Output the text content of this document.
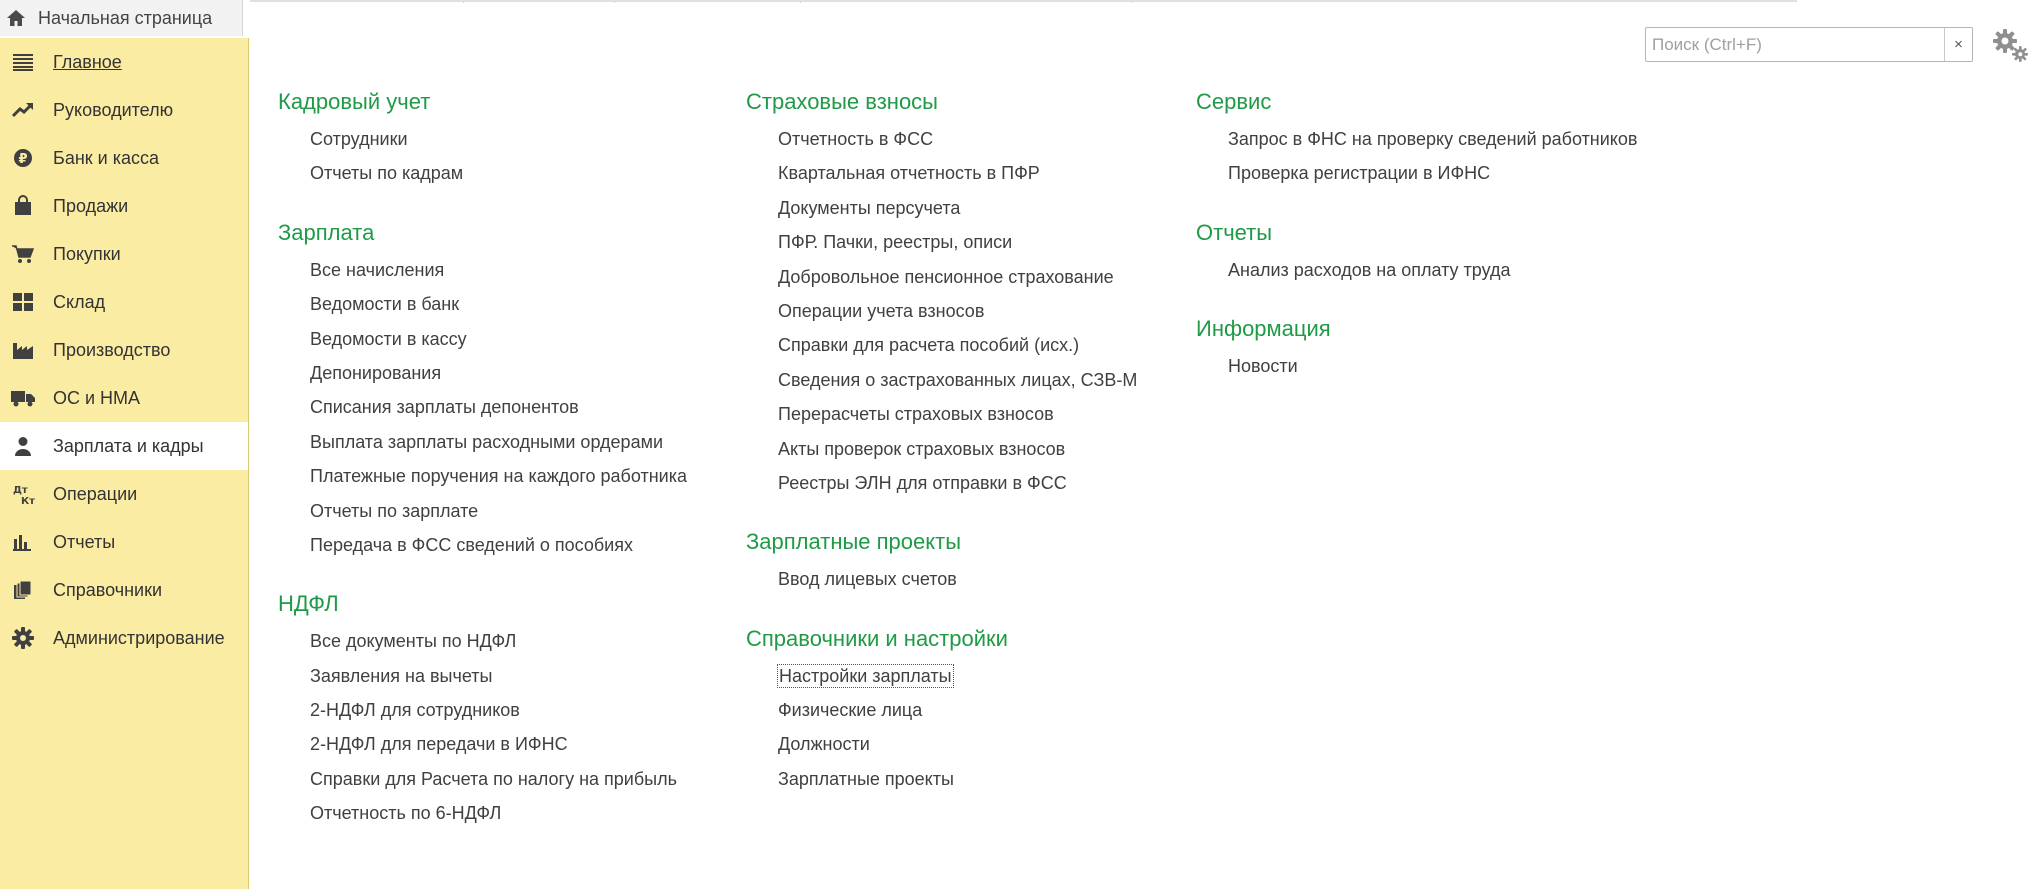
Начальная страница
Главное
Руководителю
₽ Банк и касса
Продажи
Покупки
Склад
Производство
ОС и НМА
Зарплата и кадры
Дт
Кт Операции
Отчеты
Справочники
Администрирование
Поиск (Ctrl+F)
×
Кадровый учет
Сотрудники
Отчеты по кадрам
Зарплата
Все начисления
Ведомости в банк
Ведомости в кассу
Депонирования
Списания зарплаты депонентов
Выплата зарплаты расходными ордерами
Платежные поручения на каждого работника
Отчеты по зарплате
Передача в ФСС сведений о пособиях
НДФЛ
Все документы по НДФЛ
Заявления на вычеты
2-НДФЛ для сотрудников
2-НДФЛ для передачи в ИФНС
Справки для Расчета по налогу на прибыль
Отчетность по 6-НДФЛ
Страховые взносы
Отчетность в ФСС
Квартальная отчетность в ПФР
Документы персучета
ПФР. Пачки, реестры, описи
Добровольное пенсионное страхование
Операции учета взносов
Справки для расчета пособий (исх.)
Сведения о застрахованных лицах, СЗВ-М
Перерасчеты страховых взносов
Акты проверок страховых взносов
Реестры ЭЛН для отправки в ФСС
Зарплатные проекты
Ввод лицевых счетов
Справочники и настройки
Настройки зарплаты
Физические лица
Должности
Зарплатные проекты
Сервис
Запрос в ФНС на проверку сведений работников
Проверка регистрации в ИФНС
Отчеты
Анализ расходов на оплату труда
Информация
Новости
